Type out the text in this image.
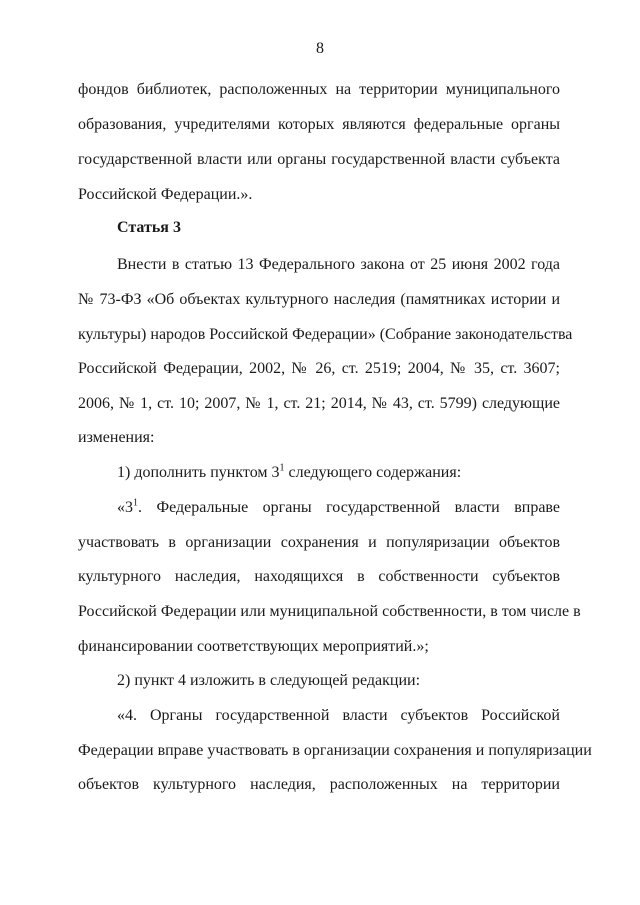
8
фондов библиотек, расположенных на территории муниципального
образования, учредителями которых являются федеральные органы
государственной власти или органы государственной власти субъекта
Российской Федерации.».
Статья 3
Внести в статью 13 Федерального закона от 25 июня 2002 года
№ 73-ФЗ «Об объектах культурного наследия (памятниках истории и
культуры) народов Российской Федерации» (Собрание законодательства
Российской Федерации, 2002, № 26, ст. 2519; 2004, № 35, ст. 3607;
2006, № 1, ст. 10; 2007, № 1, ст. 21; 2014, № 43, ст. 5799) следующие
изменения:
1) дополнить пунктом $3^1$ следующего содержания:
«$3^1$. Федеральные органы государственной власти вправе
участвовать в организации сохранения и популяризации объектов
культурного наследия, находящихся в собственности субъектов
Российской Федерации или муниципальной собственности, в том числе в
финансировании соответствующих мероприятий.»;
2) пункт 4 изложить в следующей редакции:
«4. Органы государственной власти субъектов Российской
Федерации вправе участвовать в организации сохранения и популяризации
объектов культурного наследия, расположенных на территории
